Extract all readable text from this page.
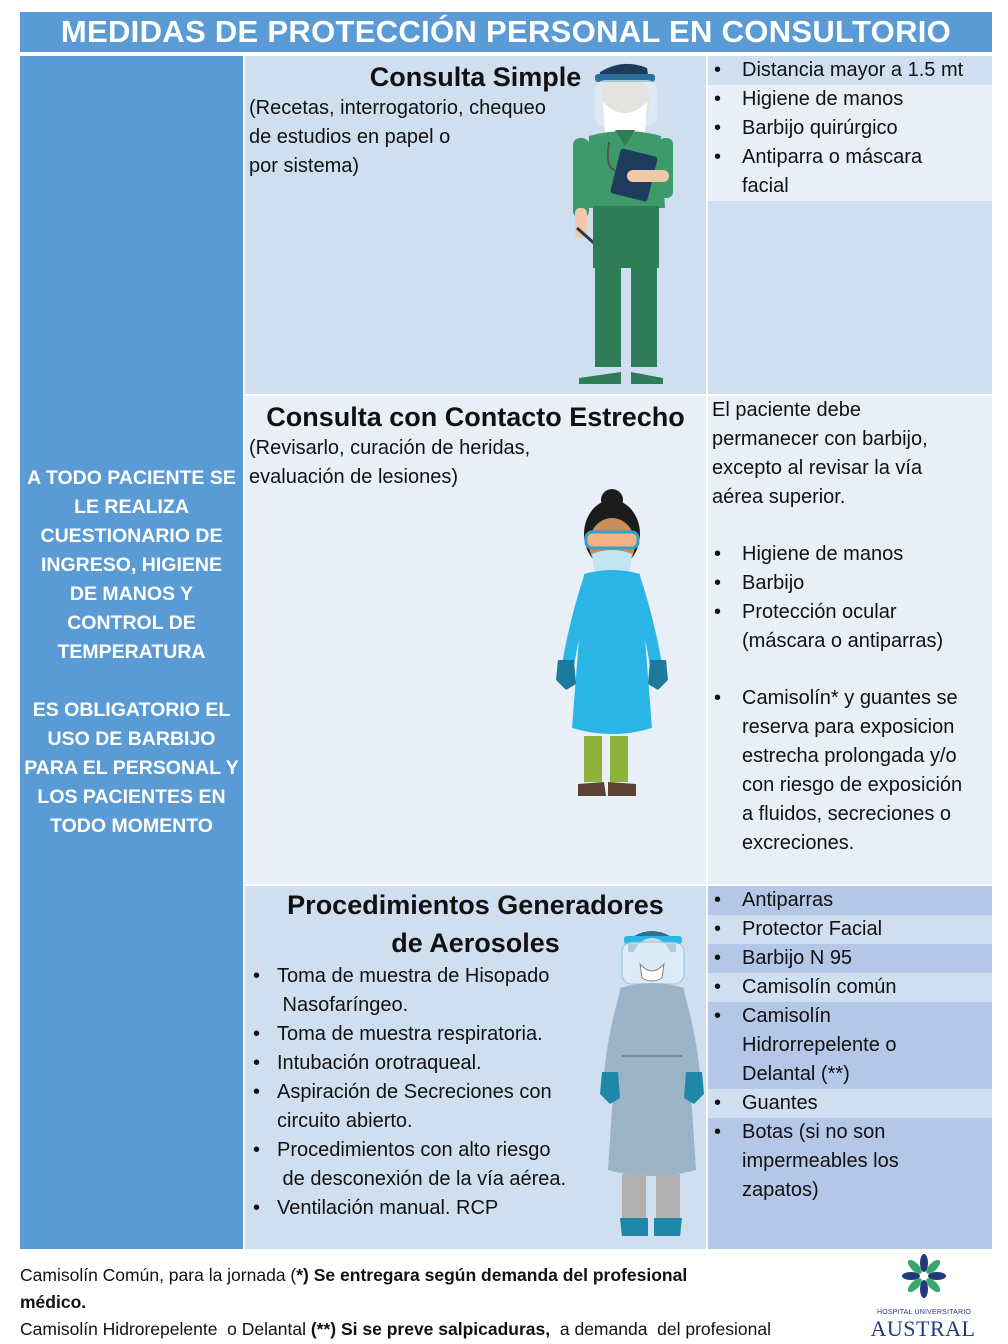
MEDIDAS DE PROTECCIÓN PERSONAL EN CONSULTORIO
A TODO PACIENTE SE
LE REALIZA
CUESTIONARIO DE
INGRESO, HIGIENE
DE MANOS Y
CONTROL DE
TEMPERATURA
ES OBLIGATORIO EL
USO DE BARBIJO
PARA EL PERSONAL Y
LOS PACIENTES EN
TODO MOMENTO
Consulta Simple
(Recetas, interrogatorio, chequeo
de estudios en papel o
por sistema)
• Distancia mayor a 1.5 mt
• Higiene de manos
• Barbijo quirúrgico
• Antiparra o máscara
facial
Consulta con Contacto Estrecho
(Revisarlo, curación de heridas,
evaluación de lesiones)
El paciente debe
permanecer con barbijo,
excepto al revisar la vía
aérea superior.
• Higiene de manos
• Barbijo
• Protección ocular
(máscara o antiparras)
• Camisolín* y guantes se
reserva para exposicion
estrecha prolongada y/o
con riesgo de exposición
a fluidos, secreciones o
excreciones.
Procedimientos Generadores
de Aerosoles
• Toma de muestra de Hisopado
Nasofaríngeo.
• Toma de muestra respiratoria.
• Intubación orotraqueal.
• Aspiración de Secreciones con
circuito abierto.
• Procedimientos con alto riesgo
de desconexión de la vía aérea.
• Ventilación manual. RCP
• Antiparras
• Protector Facial
• Barbijo N 95
• Camisolín común
• Camisolín
Hidrorrepelente o
Delantal (**)
• Guantes
• Botas (si no son
impermeables los
zapatos)
Camisolín Común, para la jornada (*) Se entregara según demanda del profesional
médico.
Camisolín Hidrorepelente  o Delantal (**) Si se preve salpicaduras,  a demanda  del profesional
HOSPITAL UNIVERSITARIO
AUSTRAL
